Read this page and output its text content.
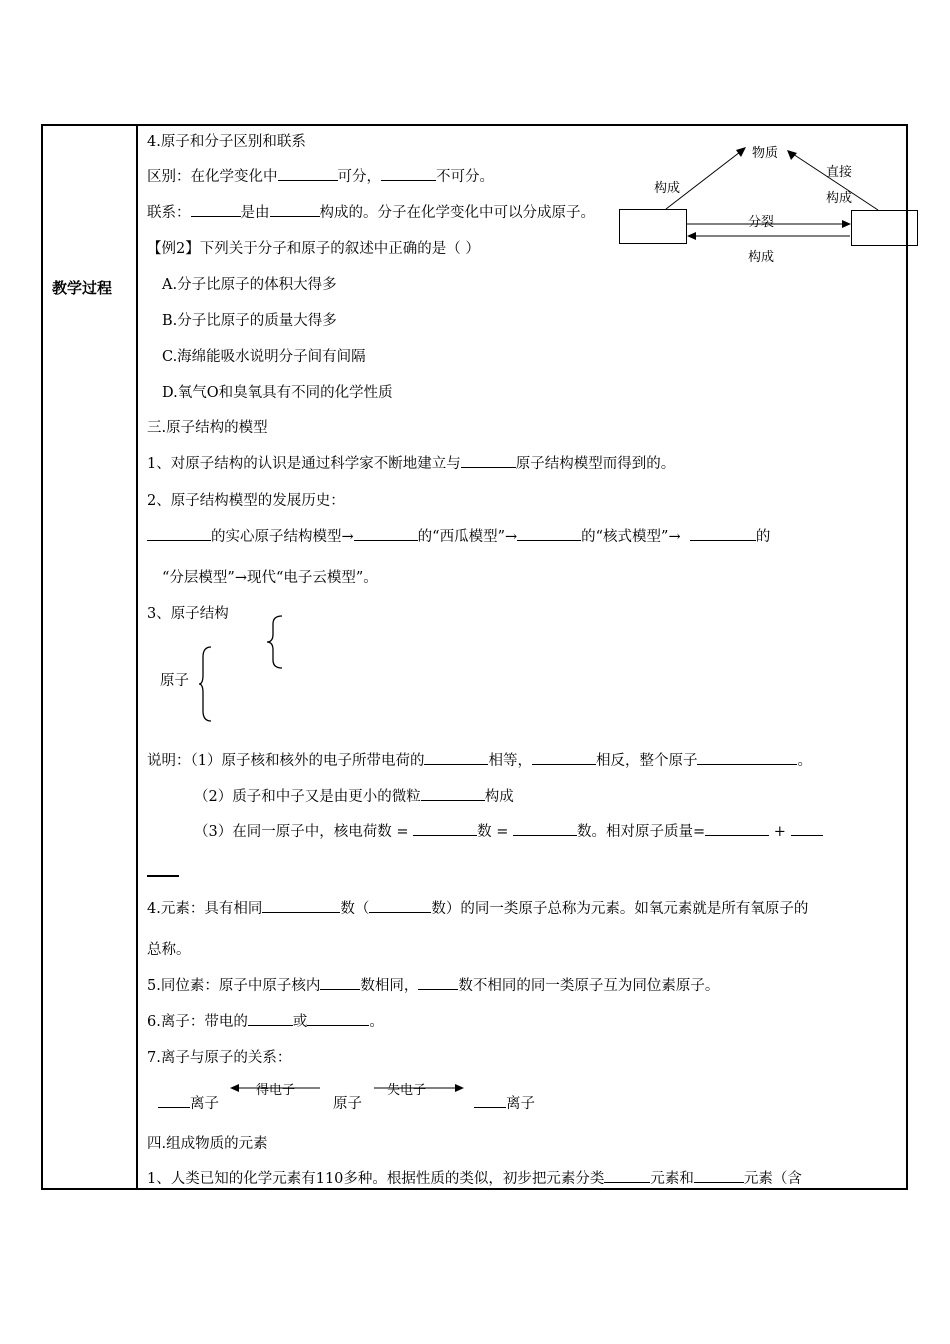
教学过程
4.原子和分子区别和联系
区别：在化学变化中	可分，	不可分。
联系：	是由	构成的。分子在化学变化中可以分成原子。
【例2】下列关于分子和原子的叙述中正确的是（ ）
A.分子比原子的体积大得多
B.分子比原子的质量大得多
C.海绵能吸水说明分子间有间隔
D.氧气O和臭氧具有不同的化学性质
三.原子结构的模型
1、对原子结构的认识是通过科学家不断地建立与	原子结构模型而得到的。
2、原子结构模型的发展历史：
的实心原子结构模型→	的“西瓜模型”→	的“核式模型”→	的
“分层模型”→现代“电子云模型”。
3、原子结构
原子
说明：（1）原子核和核外的电子所带电荷的	相等，	相反，整个原子	。
（2）质子和中子又是由更小的微粒	构成
（3）在同一原子中，核电荷数 =	数 =	数。相对原子质量=	+
4.元素：具有相同	数（	数）的同一类原子总称为元素。如氧元素就是所有氧原子的
总称。
5.同位素：原子中原子核内	数相同，	数不相同的同一类原子互为同位素原子。
6.离子：带电的	或	。
7.离子与原子的关系：
离子
得电子
原子
失电子
离子
四.组成物质的元素
1、人类已知的化学元素有110多种。根据性质的类似，初步把元素分类	元素和	元素（含
物质
构成
直接
构成
分裂
构成
